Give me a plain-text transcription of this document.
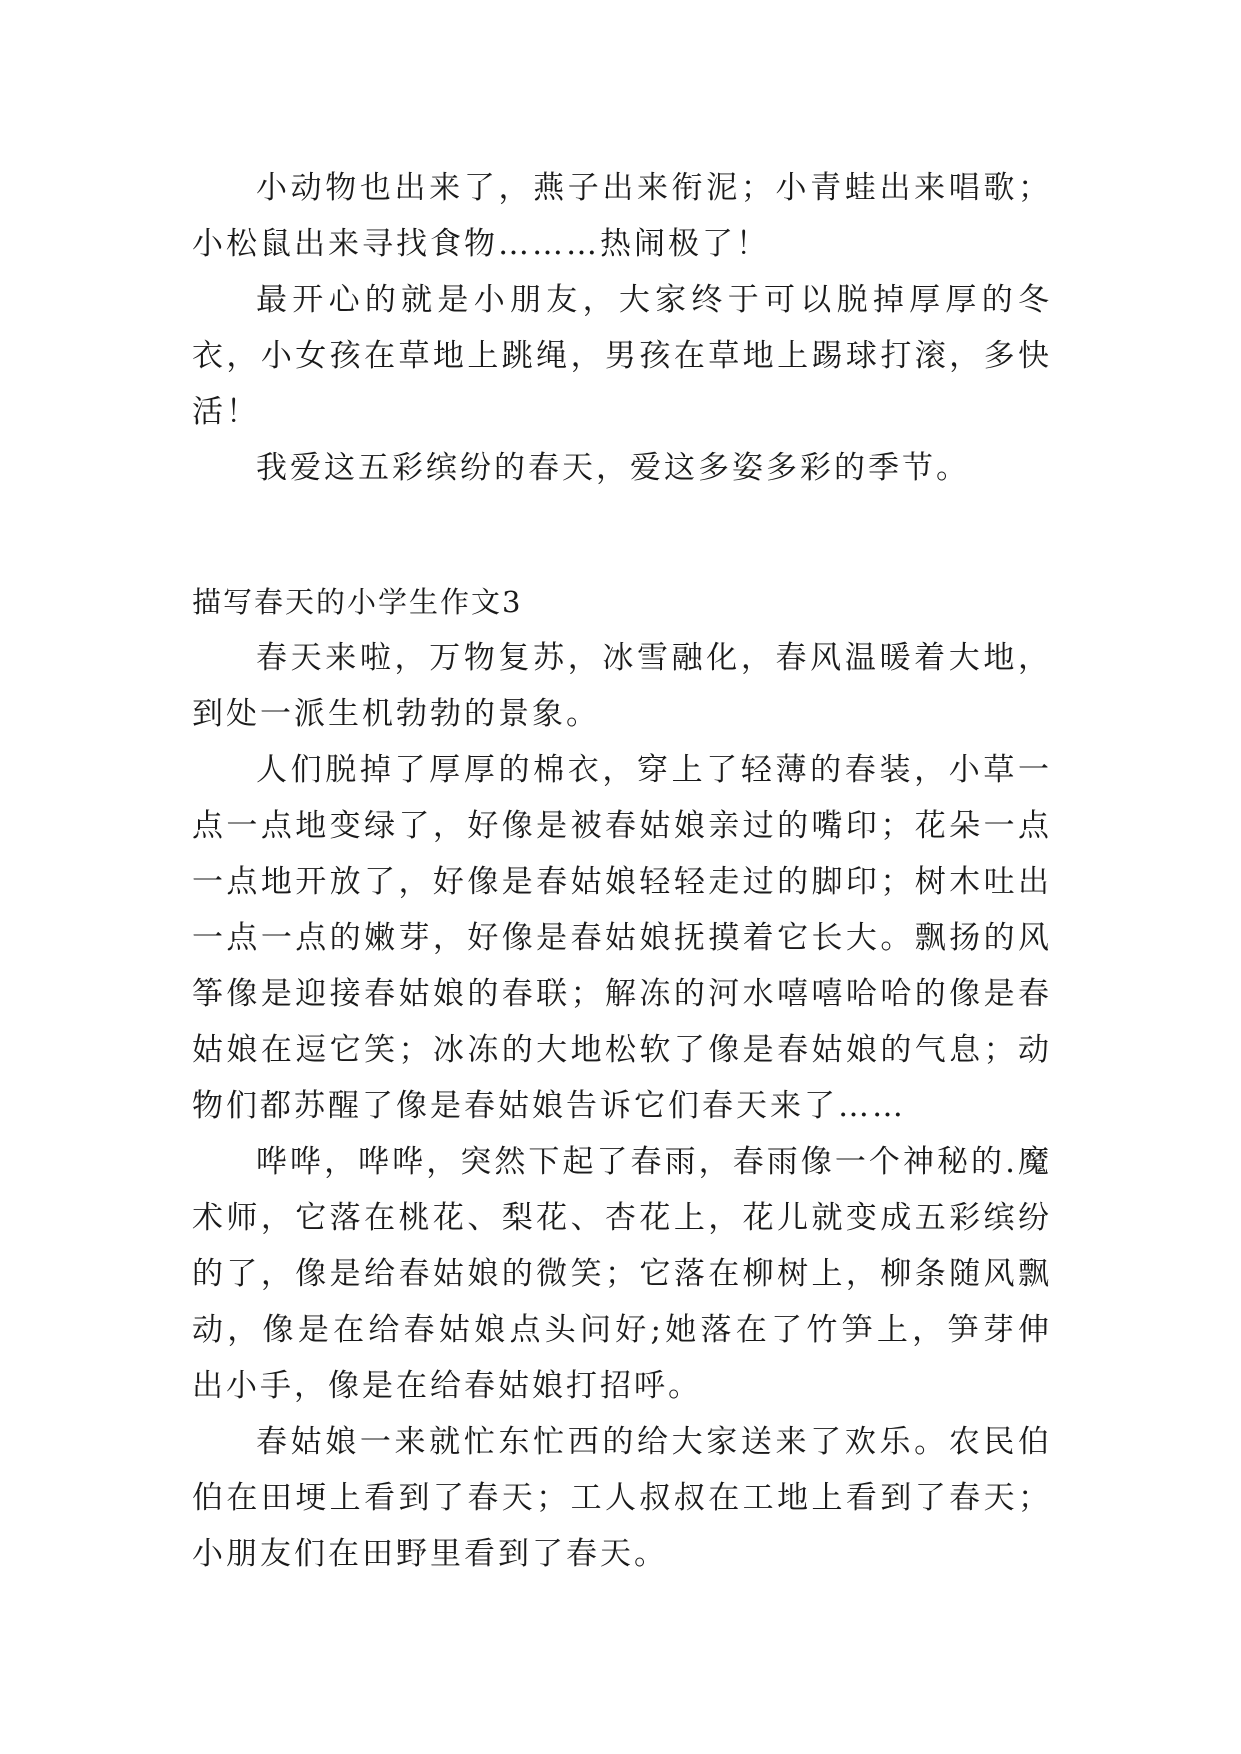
小动物也出来了，燕子出来衔泥；小青蛙出来唱歌；小松鼠出来寻找食物………热闹极了！

最开心的就是小朋友，大家终于可以脱掉厚厚的冬衣，小女孩在草地上跳绳，男孩在草地上踢球打滚，多快活！

我爱这五彩缤纷的春天，爱这多姿多彩的季节。

描写春天的小学生作文3

春天来啦，万物复苏，冰雪融化，春风温暖着大地，到处一派生机勃勃的景象。

人们脱掉了厚厚的棉衣，穿上了轻薄的春装，小草一点一点地变绿了，好像是被春姑娘亲过的嘴印；花朵一点一点地开放了，好像是春姑娘轻轻走过的脚印；树木吐出一点一点的嫩芽，好像是春姑娘抚摸着它长大。飘扬的风筝像是迎接春姑娘的春联；解冻的河水嘻嘻哈哈的像是春姑娘在逗它笑；冰冻的大地松软了像是春姑娘的气息；动物们都苏醒了像是春姑娘告诉它们春天来了……

哗哗，哗哗，突然下起了春雨，春雨像一个神秘的.魔术师，它落在桃花、梨花、杏花上，花儿就变成五彩缤纷的了，像是给春姑娘的微笑；它落在柳树上，柳条随风飘动，像是在给春姑娘点头问好;她落在了竹笋上，笋芽伸出小手，像是在给春姑娘打招呼。

春姑娘一来就忙东忙西的给大家送来了欢乐。农民伯伯在田埂上看到了春天；工人叔叔在工地上看到了春天；小朋友们在田野里看到了春天。
